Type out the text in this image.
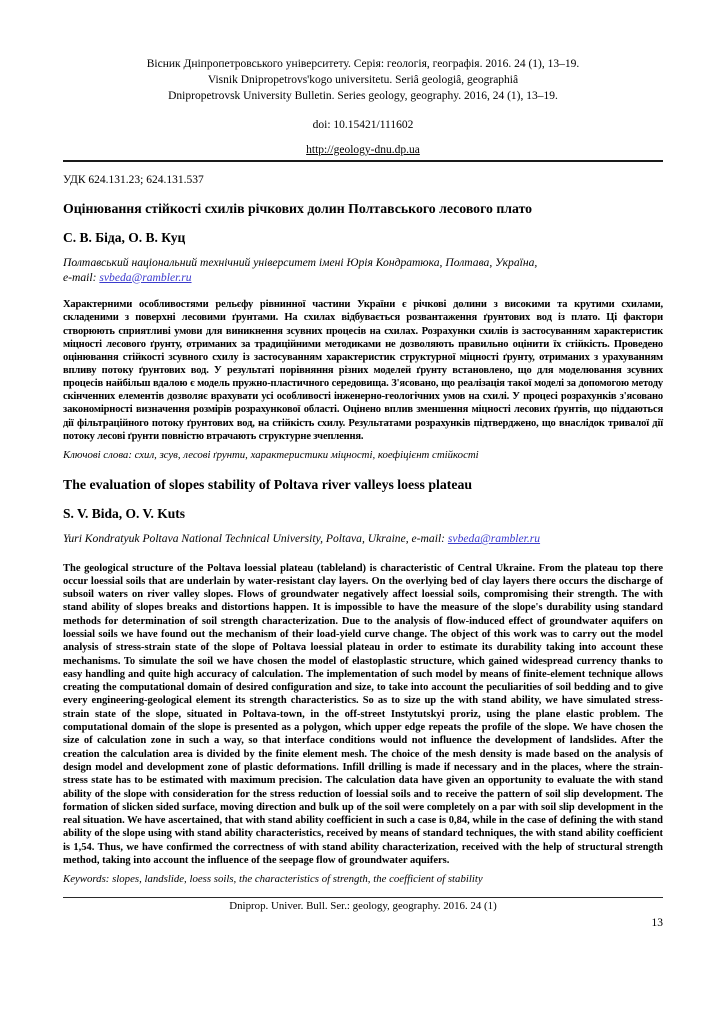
Вісник Дніпропетровського університету. Серія: геологія, географія. 2016. 24 (1), 13–19.
Visnik Dnipropetrovs'kogo universitetu. Seriâ geologiâ, geographiâ
Dnipropetrovsk University Bulletin. Series geology, geography. 2016, 24 (1), 13–19.
doi: 10.15421/111602
http://geology-dnu.dp.ua
УДК 624.131.23; 624.131.537
Оцінювання стійкості схилів річкових долин Полтавського лесового плато
С. В. Біда, О. В. Куц
Полтавський національний технічний університет імені Юрія Кондратюка, Полтава, Україна,
e-mail: svbeda@rambler.ru
Характерними особливостями рельєфу рівнинної частини України є річкові долини з високими та крутими схилами, складеними з поверхні лесовими ґрунтами. На схилах відбувається розвантаження ґрунтових вод із плато. Ці фактори створюють сприятливі умови для виникнення зсувних процесів на схилах. Розрахунки схилів із застосуванням характеристик міцності лесового ґрунту, отриманих за традиційними методиками не дозволяють правильно оцінити їх стійкість. Проведено оцінювання стійкості зсувного схилу із застосуванням характеристик структурної міцності ґрунту, отриманих з урахуванням впливу потоку ґрунтових вод. У результаті порівняння різних моделей ґрунту встановлено, що для моделювання зсувних процесів найбільш вдалою є модель пружно-пластичного середовища. З'ясовано, що реалізація такої моделі за допомогою методу скінченних елементів дозволяє врахувати усі особливості інженерно-геологічних умов на схилі. У процесі розрахунків з'ясовано закономірності визначення розмірів розрахункової області. Оцінено вплив зменшення міцності лесових ґрунтів, що піддаються дії фільтраційного потоку ґрунтових вод, на стійкість схилу. Результатами розрахунків підтверджено, що внаслідок тривалої дії потоку лесові ґрунти повністю втрачають структурне зчеплення.
Ключові слова: схил, зсув, лесові ґрунти, характеристики міцності, коефіцієнт стійкості
The evaluation of slopes stability of Poltava river valleys loess plateau
S. V. Bida, O. V. Kuts
Yuri Kondratyuk Poltava National Technical University, Poltava, Ukraine, e-mail: svbeda@rambler.ru
The geological structure of the Poltava loessial plateau (tableland) is characteristic of Central Ukraine. From the plateau top there occur loessial soils that are underlain by water-resistant clay layers. On the overlying bed of clay layers there occurs the discharge of subsoil waters on river valley slopes. Flows of groundwater negatively affect loessial soils, compromising their strength. The with stand ability of slopes breaks and distortions happen. It is impossible to have the measure of the slope's durability using standard methods for determination of soil strength characterization. Due to the analysis of flow-induced effect of groundwater aquifers on loessial soils we have found out the mechanism of their load-yield curve change. The object of this work was to carry out the model analysis of stress-strain state of the slope of Poltava loessial plateau in order to estimate its durability taking into account these mechanisms. To simulate the soil we have chosen the model of elastoplastic structure, which gained widespread currency thanks to easy handling and quite high accuracy of calculation. The implementation of such model by means of finite-element technique allows creating the computational domain of desired configuration and size, to take into account the peculiarities of soil bedding and to give every engineering-geological element its strength characteristics. So as to size up the with stand ability, we have simulated stress-strain state of the slope, situated in Poltava-town, in the off-street Instytutskyi proriz, using the plane elastic problem. The computational domain of the slope is presented as a polygon, which upper edge repeats the profile of the slope. We have chosen the size of calculation zone in such a way, so that interface conditions would not influence the development of landslides. After the creation the calculation area is divided by the finite element mesh. The choice of the mesh density is made based on the analysis of design model and development zone of plastic deformations. Infill drilling is made if necessary and in the places, where the strain-stress state has to be estimated with maximum precision. The calculation data have given an opportunity to evaluate the with stand ability of the slope with consideration for the stress reduction of loessial soils and to receive the pattern of soil slip development. The formation of slicken sided surface, moving direction and bulk up of the soil were completely on a par with soil slip development in the real situation. We have ascertained, that with stand ability coefficient in such a case is 0,84, while in the case of defining the with stand ability of the slope using with stand ability characteristics, received by means of standard techniques, the with stand ability coefficient is 1,54. Thus, we have confirmed the correctness of with stand ability characterization, received with the help of structural strength method, taking into account the influence of the seepage flow of groundwater aquifers.
Keywords: slopes, landslide, loess soils, the characteristics of strength, the coefficient of stability
Dniprop. Univer. Bull. Ser.: geology, geography. 2016. 24 (1)
13
